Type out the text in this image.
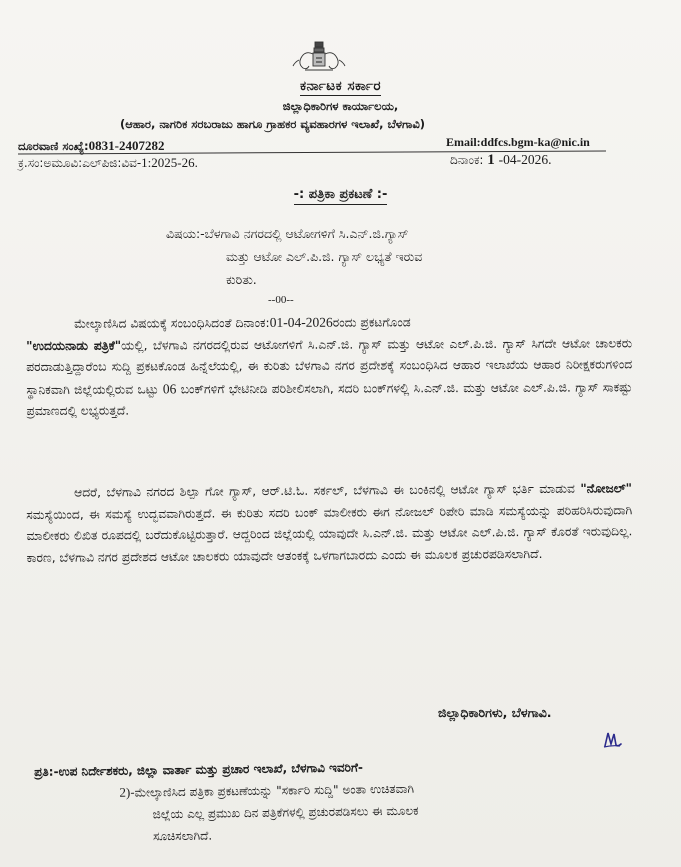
ಕರ್ನಾಟಕ ಸರ್ಕಾರ
ಜಿಲ್ಲಾಧಿಕಾರಿಗಳ ಕಾರ್ಯಾಲಯ,
(ಆಹಾರ, ನಾಗರಿಕ ಸರಬರಾಜು ಹಾಗೂ ಗ್ರಾಹಕರ ವ್ಯವಹಾರಗಳ ಇಲಾಖೆ, ಬೆಳಗಾವಿ)
ದೂರವಾಣಿ ಸಂಖ್ಯೆ:0831-2407282	Email:ddfcs.bgm-ka@nic.in
ಕ್ರ.ಸಂ:ಅಮೂವಿ:ಎಲ್‌ಪಿಜಿ:ವಿವ-1:2025-26.	ದಿನಾಂಕ: 1 -04-2026.
-: ಪತ್ರಿಕಾ ಪ್ರಕಟಣೆ :-
ವಿಷಯ:-ಬೆಳಗಾವಿ ನಗರದಲ್ಲಿ ಆಟೋಗಳಿಗೆ ಸಿ.ಎನ್.ಜಿ.ಗ್ಯಾಸ್
ಮತ್ತು ಆಟೋ ಎಲ್.ಪಿ.ಜಿ. ಗ್ಯಾಸ್ ಲಭ್ಯತೆ ಇರುವ
ಕುರಿತು.
--00--
ಮೇಲ್ಕಾಣಿಸಿದ ವಿಷಯಕ್ಕೆ ಸಂಬಂಧಿಸಿದಂತೆ ದಿನಾಂಕ:01-04-2026ರಂದು ಪ್ರಕಟಗೊಂಡ
"ಉದಯನಾಡು ಪತ್ರಿಕೆ"ಯಲ್ಲಿ, ಬೆಳಗಾವಿ ನಗರದಲ್ಲಿರುವ ಆಟೋಗಳಿಗೆ ಸಿ.ಎನ್.ಜಿ. ಗ್ಯಾಸ್ ಮತ್ತು ಆಟೋ ಎಲ್.ಪಿ.ಜಿ. ಗ್ಯಾಸ್ ಸಿಗದೇ ಆಟೋ ಚಾಲಕರು ಪರದಾಡುತ್ತಿದ್ದಾರೆಂಬ ಸುದ್ದಿ ಪ್ರಕಟಕೊಂಡ ಹಿನ್ನೆಲೆಯಲ್ಲಿ, ಈ ಕುರಿತು ಬೆಳಗಾವಿ ನಗರ ಪ್ರದೇಶಕ್ಕೆ ಸಂಬಂಧಿಸಿದ ಆಹಾರ ಇಲಾಖೆಯ ಆಹಾರ ನಿರೀಕ್ಷಕರುಗಳಿಂದ ಸ್ಥಾನಿಕವಾಗಿ ಜಿಲ್ಲೆಯಲ್ಲಿರುವ ಒಟ್ಟು 06 ಬಂಕ್‌ಗಳಿಗೆ ಭೇಟಿನೀಡಿ ಪರಿಶೀಲಿಸಲಾಗಿ, ಸದರಿ ಬಂಕ್‌ಗಳಲ್ಲಿ ಸಿ.ಎನ್.ಜಿ. ಮತ್ತು ಆಟೋ ಎಲ್.ಪಿ.ಜಿ. ಗ್ಯಾಸ್ ಸಾಕಷ್ಟು ಪ್ರಮಾಣದಲ್ಲಿ ಲಭ್ಯರುತ್ತದೆ.
ಆದರೆ, ಬೆಳಗಾವಿ ನಗರದ ಶಿಲ್ಪಾ ಗೋ ಗ್ಯಾಸ್, ಆರ್.ಟಿ.ಓ. ಸರ್ಕಲ್, ಬೆಳಗಾವಿ ಈ ಬಂಕಿನಲ್ಲಿ ಆಟೋ ಗ್ಯಾಸ್ ಭರ್ತಿ ಮಾಡುವ "ನೋಜಲ್" ಸಮಸ್ಯೆಯಿಂದ, ಈ ಸಮಸ್ಯೆ ಉದ್ಭವವಾಗಿರುತ್ತದೆ. ಈ ಕುರಿತು ಸದರಿ ಬಂಕ್ ಮಾಲೀಕರು ಈಗ ನೋಜಲ್ ರಿಪೇರಿ ಮಾಡಿ ಸಮಸ್ಯೆಯನ್ನು ಪರಿಹರಿಸಿರುವುದಾಗಿ ಮಾಲೀಕರು ಲಿಖಿತ ರೂಪದಲ್ಲಿ ಬರೆದುಕೊಟ್ಟಿರುತ್ತಾರೆ. ಆದ್ದರಿಂದ ಜಿಲ್ಲೆಯಲ್ಲಿ ಯಾವುದೇ ಸಿ.ಎನ್.ಜಿ. ಮತ್ತು ಆಟೋ ಎಲ್.ಪಿ.ಜಿ. ಗ್ಯಾಸ್ ಕೊರತೆ ಇರುವುದಿಲ್ಲ. ಕಾರಣ, ಬೆಳಗಾವಿ ನಗರ ಪ್ರದೇಶದ ಆಟೋ ಚಾಲಕರು ಯಾವುದೇ ಆತಂಕಕ್ಕೆ ಒಳಗಾಗಬಾರದು ಎಂದು ಈ ಮೂಲಕ ಪ್ರಚುರಪಡಿಸಲಾಗಿದೆ.
ಜಿಲ್ಲಾಧಿಕಾರಿಗಳು, ಬೆಳಗಾವಿ.
ಪ್ರತಿ:-ಉಪ ನಿರ್ದೇಶಕರು, ಜಿಲ್ಲಾ ವಾರ್ತಾ ಮತ್ತು ಪ್ರಚಾರ ಇಲಾಖೆ, ಬೆಳಗಾವಿ ಇವರಿಗೆ-
2)-ಮೇಲ್ಕಾಣಿಸಿದ ಪತ್ರಿಕಾ ಪ್ರಕಟಣೆಯನ್ನು "ಸರ್ಕಾರಿ ಸುದ್ದಿ" ಅಂತಾ ಉಚಿತವಾಗಿ
ಜಿಲ್ಲೆಯ ಎಲ್ಲ ಪ್ರಮುಖ ದಿನ ಪತ್ರಿಕೆಗಳಲ್ಲಿ ಪ್ರಚುರಪಡಿಸಲು ಈ ಮೂಲಕ
ಸೂಚಿಸಲಾಗಿದೆ.
